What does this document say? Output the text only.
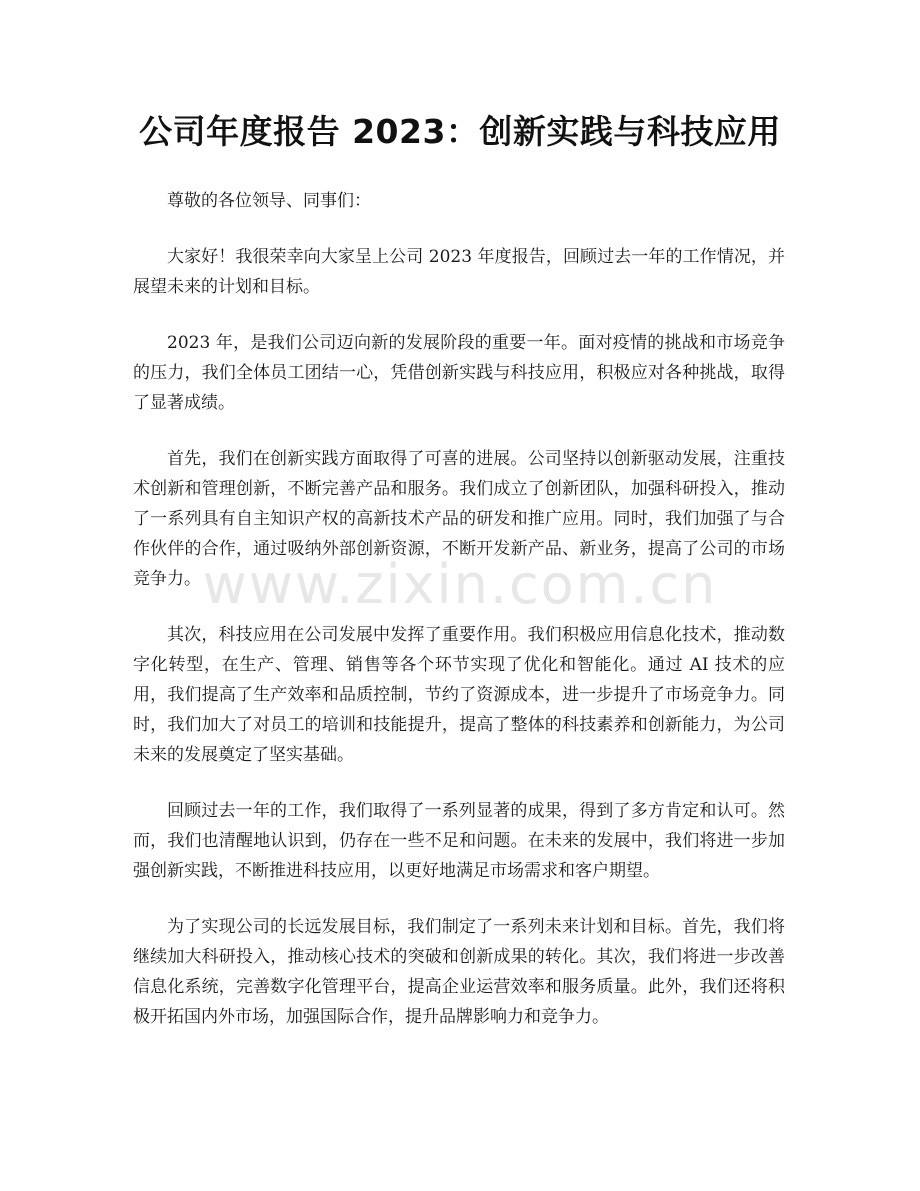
公司年度报告 2023：创新实践与科技应用

尊敬的各位领导、同事们：

大家好！我很荣幸向大家呈上公司 2023 年度报告，回顾过去一年的工作情况，并展望未来的计划和目标。

2023 年，是我们公司迈向新的发展阶段的重要一年。面对疫情的挑战和市场竞争的压力，我们全体员工团结一心，凭借创新实践与科技应用，积极应对各种挑战，取得了显著成绩。

首先，我们在创新实践方面取得了可喜的进展。公司坚持以创新驱动发展，注重技术创新和管理创新，不断完善产品和服务。我们成立了创新团队，加强科研投入，推动了一系列具有自主知识产权的高新技术产品的研发和推广应用。同时，我们加强了与合作伙伴的合作，通过吸纳外部创新资源，不断开发新产品、新业务，提高了公司的市场竞争力。

其次，科技应用在公司发展中发挥了重要作用。我们积极应用信息化技术，推动数字化转型，在生产、管理、销售等各个环节实现了优化和智能化。通过 AI 技术的应用，我们提高了生产效率和品质控制，节约了资源成本，进一步提升了市场竞争力。同时，我们加大了对员工的培训和技能提升，提高了整体的科技素养和创新能力，为公司未来的发展奠定了坚实基础。

回顾过去一年的工作，我们取得了一系列显著的成果，得到了多方肯定和认可。然而，我们也清醒地认识到，仍存在一些不足和问题。在未来的发展中，我们将进一步加强创新实践，不断推进科技应用，以更好地满足市场需求和客户期望。

为了实现公司的长远发展目标，我们制定了一系列未来计划和目标。首先，我们将继续加大科研投入，推动核心技术的突破和创新成果的转化。其次，我们将进一步改善信息化系统，完善数字化管理平台，提高企业运营效率和服务质量。此外，我们还将积极开拓国内外市场，加强国际合作，提升品牌影响力和竞争力。

www.zixin.com.cn
